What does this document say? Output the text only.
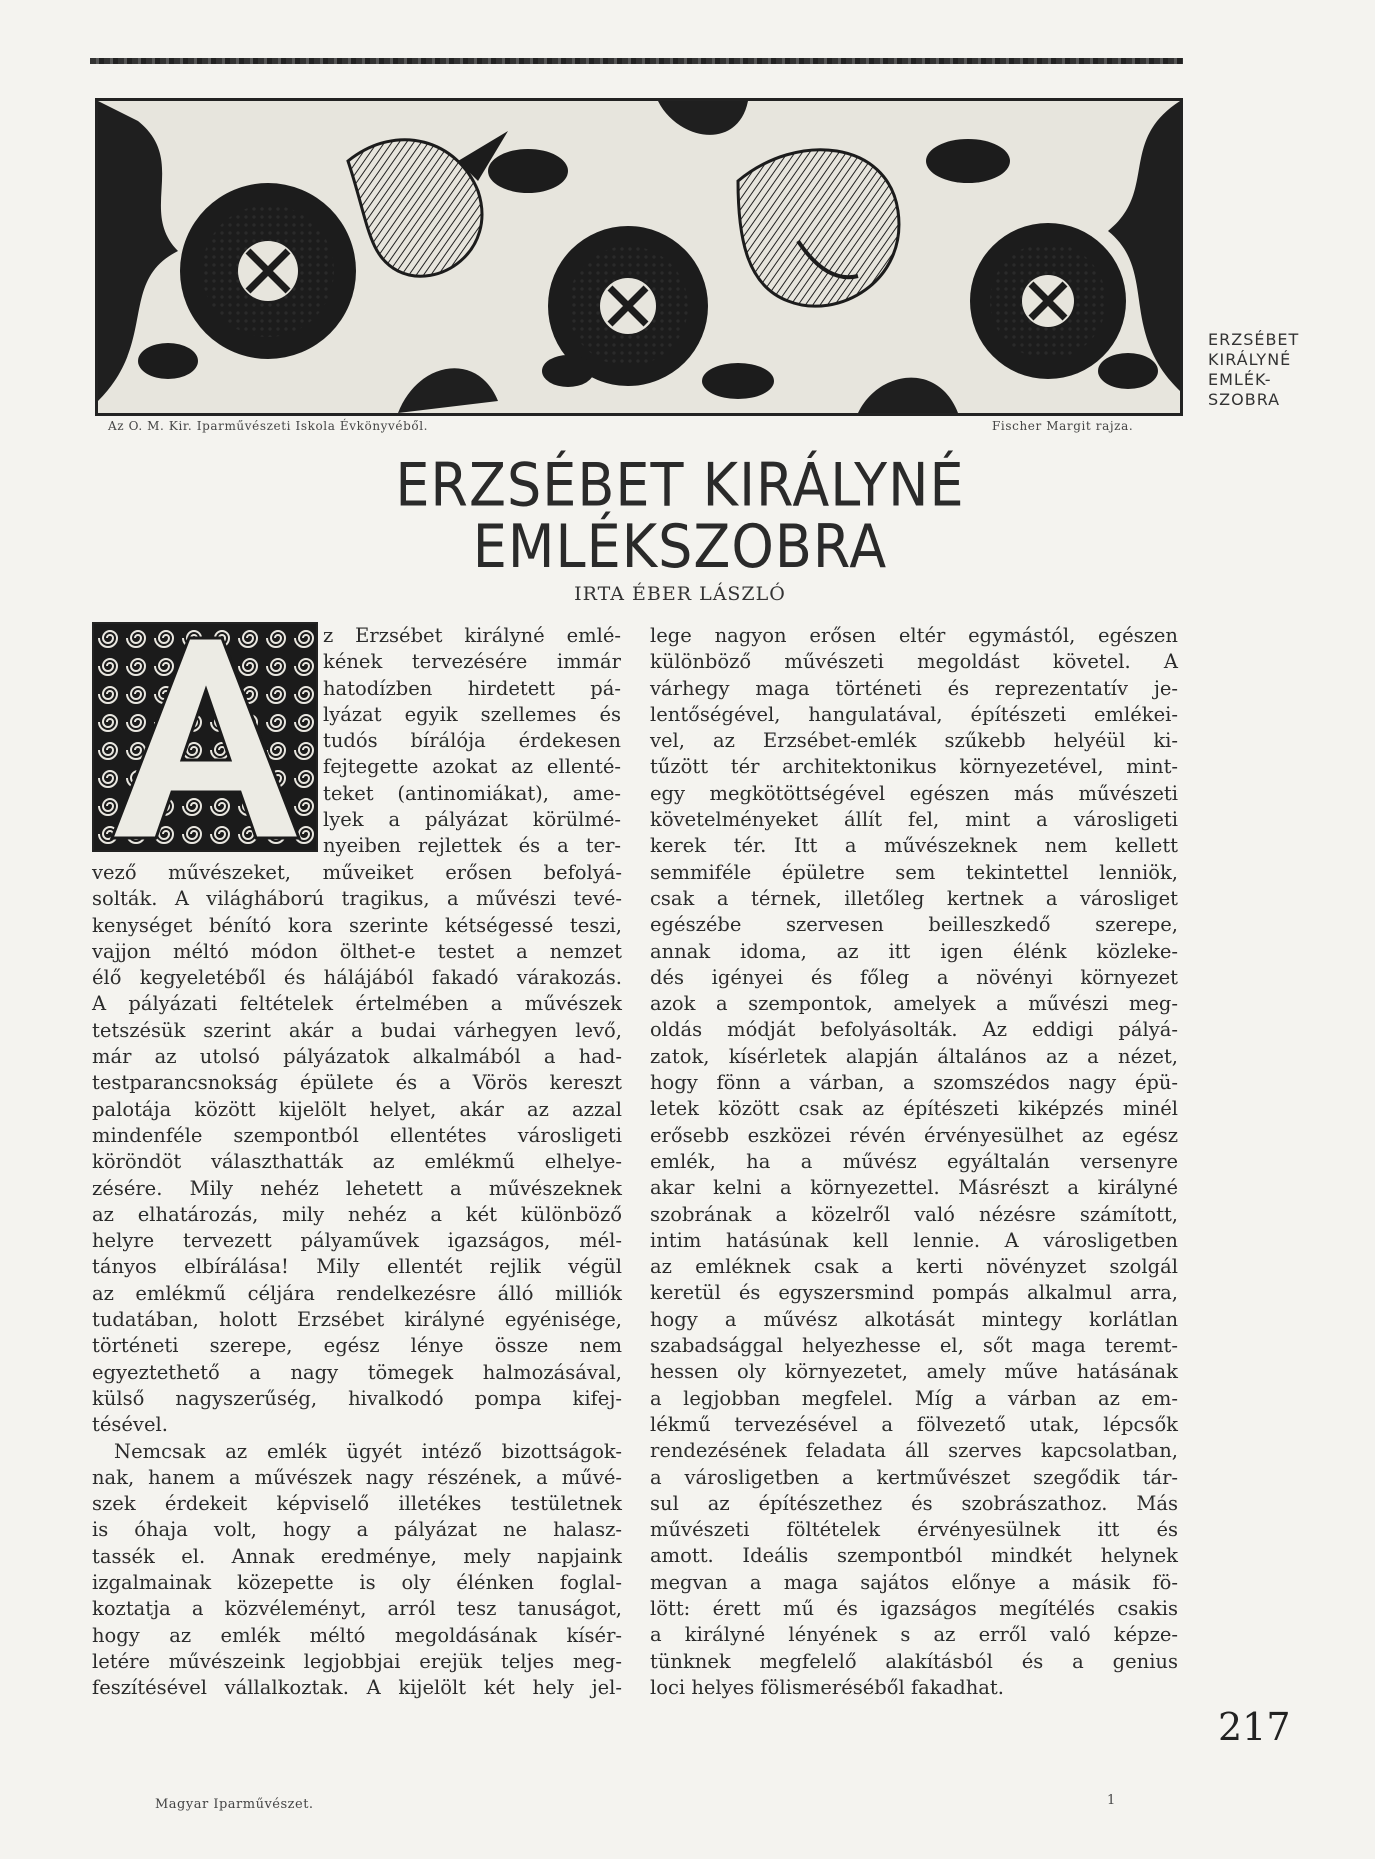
Az O. M. Kir. Iparművészeti Iskola Évkönyvéből.	Fischer Margit rajza.
ERZSÉBET
KIRÁLYNÉ
EMLÉK-
SZOBRA
ERZSÉBET KIRÁLYNÉ
EMLÉKSZOBRA
IRTA ÉBER LÁSZLÓ
A
z Erzsébet királyné emlé-
kének tervezésére immár
hatodízben hirdetett pá-
lyázat egyik szellemes és
tudós bírálója érdekesen
fejtegette azokat az ellenté-
teket (antinomiákat), ame-
lyek a pályázat körülmé-
nyeiben rejlettek és a ter-
vező művészeket, műveiket erősen befolyá-
solták. A világháború tragikus, a művészi tevé-
kenységet bénító kora szerinte kétségessé teszi,
vajjon méltó módon ölthet-e testet a nemzet
élő kegyeletéből és hálájából fakadó várakozás.
A pályázati feltételek értelmében a művészek
tetszésük szerint akár a budai várhegyen levő,
már az utolsó pályázatok alkalmából a had-
testparancsnokság épülete és a Vörös kereszt
palotája között kijelölt helyet, akár az azzal
mindenféle szempontból ellentétes városligeti
köröndöt választhatták az emlékmű elhelye-
zésére. Mily nehéz lehetett a művészeknek
az elhatározás, mily nehéz a két különböző
helyre tervezett pályaművek igazságos, mél-
tányos elbírálása! Mily ellentét rejlik végül
az emlékmű céljára rendelkezésre álló milliók
tudatában, holott Erzsébet királyné egyénisége,
történeti szerepe, egész lénye össze nem
egyeztethető a nagy tömegek halmozásával,
külső nagyszerűség, hivalkodó pompa kifej-
tésével.
Nemcsak az emlék ügyét intéző bizottságok-
nak, hanem a művészek nagy részének, a művé-
szek érdekeit képviselő illetékes testületnek
is óhaja volt, hogy a pályázat ne halasz-
tassék el. Annak eredménye, mely napjaink
izgalmainak közepette is oly élénken foglal-
koztatja a közvéleményt, arról tesz tanuságot,
hogy az emlék méltó megoldásának kísér-
letére művészeink legjobbjai erejük teljes meg-
feszítésével vállalkoztak. A kijelölt két hely jel-
lege nagyon erősen eltér egymástól, egészen
különböző művészeti megoldást követel. A
várhegy maga történeti és reprezentatív je-
lentőségével, hangulatával, építészeti emlékei-
vel, az Erzsébet-emlék szűkebb helyéül ki-
tűzött tér architektonikus környezetével, mint-
egy megkötöttségével egészen más művészeti
követelményeket állít fel, mint a városligeti
kerek tér. Itt a művészeknek nem kellett
semmiféle épületre sem tekintettel lenniök,
csak a térnek, illetőleg kertnek a városliget
egészébe szervesen beilleszkedő szerepe,
annak idoma, az itt igen élénk közleke-
dés igényei és főleg a növényi környezet
azok a szempontok, amelyek a művészi meg-
oldás módját befolyásolták. Az eddigi pályá-
zatok, kísérletek alapján általános az a nézet,
hogy fönn a várban, a szomszédos nagy épü-
letek között csak az építészeti kiképzés minél
erősebb eszközei révén érvényesülhet az egész
emlék, ha a művész egyáltalán versenyre
akar kelni a környezettel. Másrészt a királyné
szobrának a közelről való nézésre számított,
intim hatásúnak kell lennie. A városligetben
az emléknek csak a kerti növényzet szolgál
keretül és egyszersmind pompás alkalmul arra,
hogy a művész alkotását mintegy korlátlan
szabadsággal helyezhesse el, sőt maga teremt-
hessen oly környezetet, amely műve hatásának
a legjobban megfelel. Míg a várban az em-
lékmű tervezésével a fölvezető utak, lépcsők
rendezésének feladata áll szerves kapcsolatban,
a városligetben a kertművészet szegődik tár-
sul az építészethez és szobrászathoz. Más
művészeti föltételek érvényesülnek itt és
amott. Ideális szempontból mindkét helynek
megvan a maga sajátos előnye a másik fö-
lött: érett mű és igazságos megítélés csakis
a királyné lényének s az erről való képze-
tünknek megfelelő alakításból és a genius
loci helyes fölismeréséből fakadhat.
217
Magyar Iparművészet.	1
